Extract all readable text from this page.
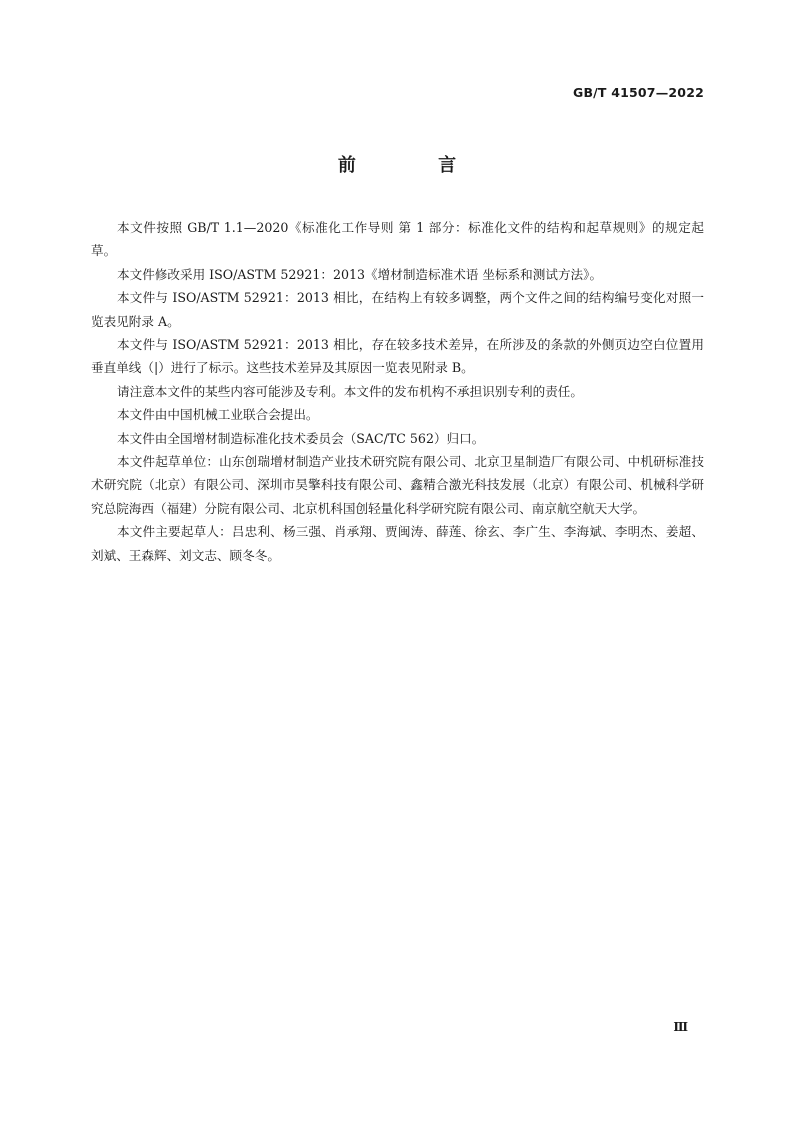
GB/T 41507—2022
前 言

本文件按照 GB/T 1.1—2020《标准化工作导则 第 1 部分：标准化文件的结构和起草规则》的规定起草。

本文件修改采用 ISO/ASTM 52921：2013《增材制造标准术语 坐标系和测试方法》。

本文件与 ISO/ASTM 52921：2013 相比，在结构上有较多调整，两个文件之间的结构编号变化对照一览表见附录 A。

本文件与 ISO/ASTM 52921：2013 相比，存在较多技术差异，在所涉及的条款的外侧页边空白位置用垂直单线（|）进行了标示。这些技术差异及其原因一览表见附录 B。

请注意本文件的某些内容可能涉及专利。本文件的发布机构不承担识别专利的责任。

本文件由中国机械工业联合会提出。

本文件由全国增材制造标准化技术委员会（SAC/TC 562）归口。

本文件起草单位：山东创瑞增材制造产业技术研究院有限公司、北京卫星制造厂有限公司、中机研标准技术研究院（北京）有限公司、深圳市昊擎科技有限公司、鑫精合激光科技发展（北京）有限公司、机械科学研究总院海西（福建）分院有限公司、北京机科国创轻量化科学研究院有限公司、南京航空航天大学。

本文件主要起草人：吕忠利、杨三强、肖承翔、贾闽涛、薛莲、徐玄、李广生、李海斌、李明杰、姜超、刘斌、王森辉、刘文志、顾冬冬。

Ⅲ
